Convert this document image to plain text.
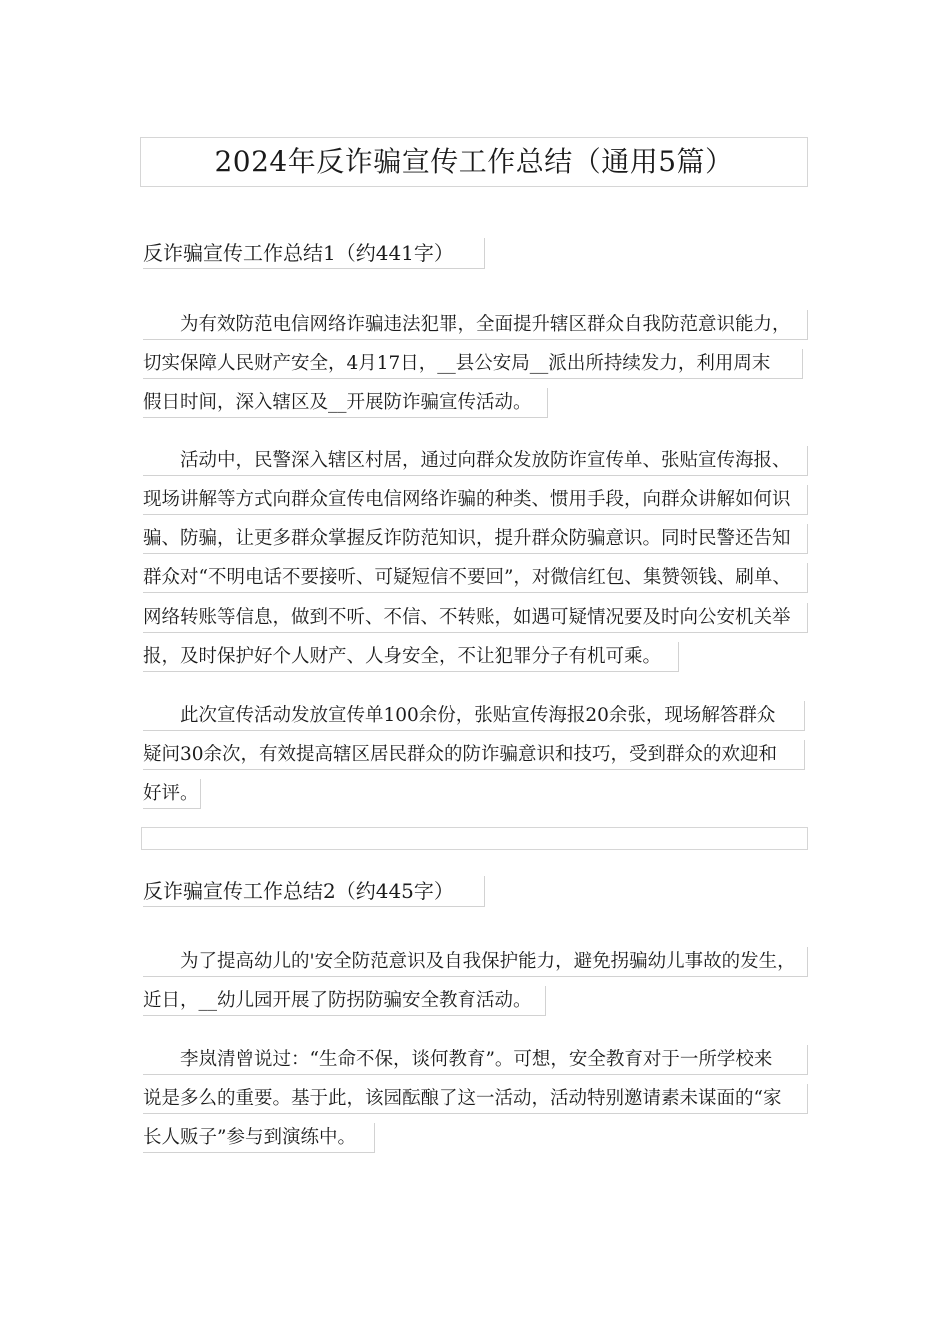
2024年反诈骗宣传工作总结（通用5篇）
反诈骗宣传工作总结1（约441字）
　　为有效防范电信网络诈骗违法犯罪，全面提升辖区群众自我防范意识能力，
切实保障人民财产安全，4月17日，__县公安局__派出所持续发力，利用周末
假日时间，深入辖区及__开展防诈骗宣传活动。
　　活动中，民警深入辖区村居，通过向群众发放防诈宣传单、张贴宣传海报、
现场讲解等方式向群众宣传电信网络诈骗的种类、惯用手段，向群众讲解如何识
骗、防骗，让更多群众掌握反诈防范知识，提升群众防骗意识。同时民警还告知
群众对“不明电话不要接听、可疑短信不要回”，对微信红包、集赞领钱、刷单、
网络转账等信息，做到不听、不信、不转账，如遇可疑情况要及时向公安机关举
报，及时保护好个人财产、人身安全，不让犯罪分子有机可乘。
　　此次宣传活动发放宣传单100余份，张贴宣传海报20余张，现场解答群众
疑问30余次，有效提高辖区居民群众的防诈骗意识和技巧，受到群众的欢迎和
好评。
反诈骗宣传工作总结2（约445字）
　　为了提高幼儿的'安全防范意识及自我保护能力，避免拐骗幼儿事故的发生，
近日，__幼儿园开展了防拐防骗安全教育活动。
　　李岚清曾说过：“生命不保，谈何教育”。可想，安全教育对于一所学校来
说是多么的重要。基于此，该园酝酿了这一活动，活动特别邀请素未谋面的“家
长人贩子”参与到演练中。
